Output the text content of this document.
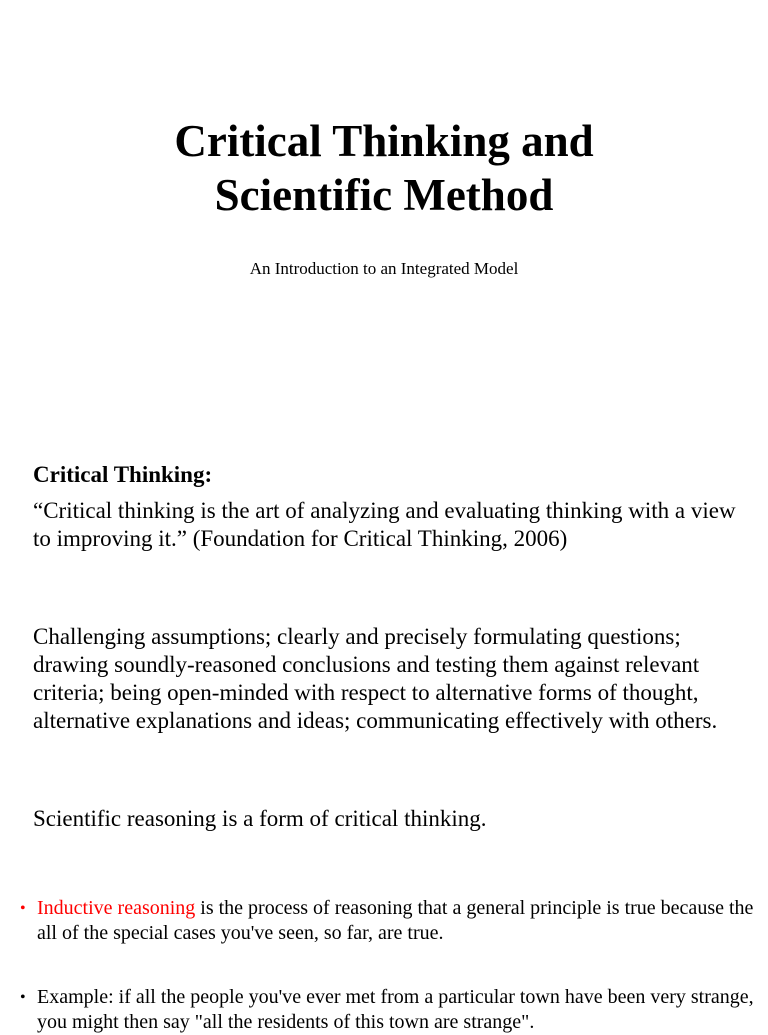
Critical Thinking and
Scientific Method

An Introduction to an Integrated Model

Critical Thinking:

“Critical thinking is the art of analyzing and evaluating thinking with a view to improving it.” (Foundation for Critical Thinking, 2006)

Challenging assumptions; clearly and precisely formulating questions; drawing soundly-reasoned conclusions and testing them against relevant criteria; being open-minded with respect to alternative forms of thought, alternative explanations and ideas; communicating effectively with others.

Scientific reasoning is a form of critical thinking.

• Inductive reasoning is the process of reasoning that a general principle is true because the all of the special cases you've seen, so far, are true.
• Example: if all the people you've ever met from a particular town have been very strange, you might then say "all the residents of this town are strange".
